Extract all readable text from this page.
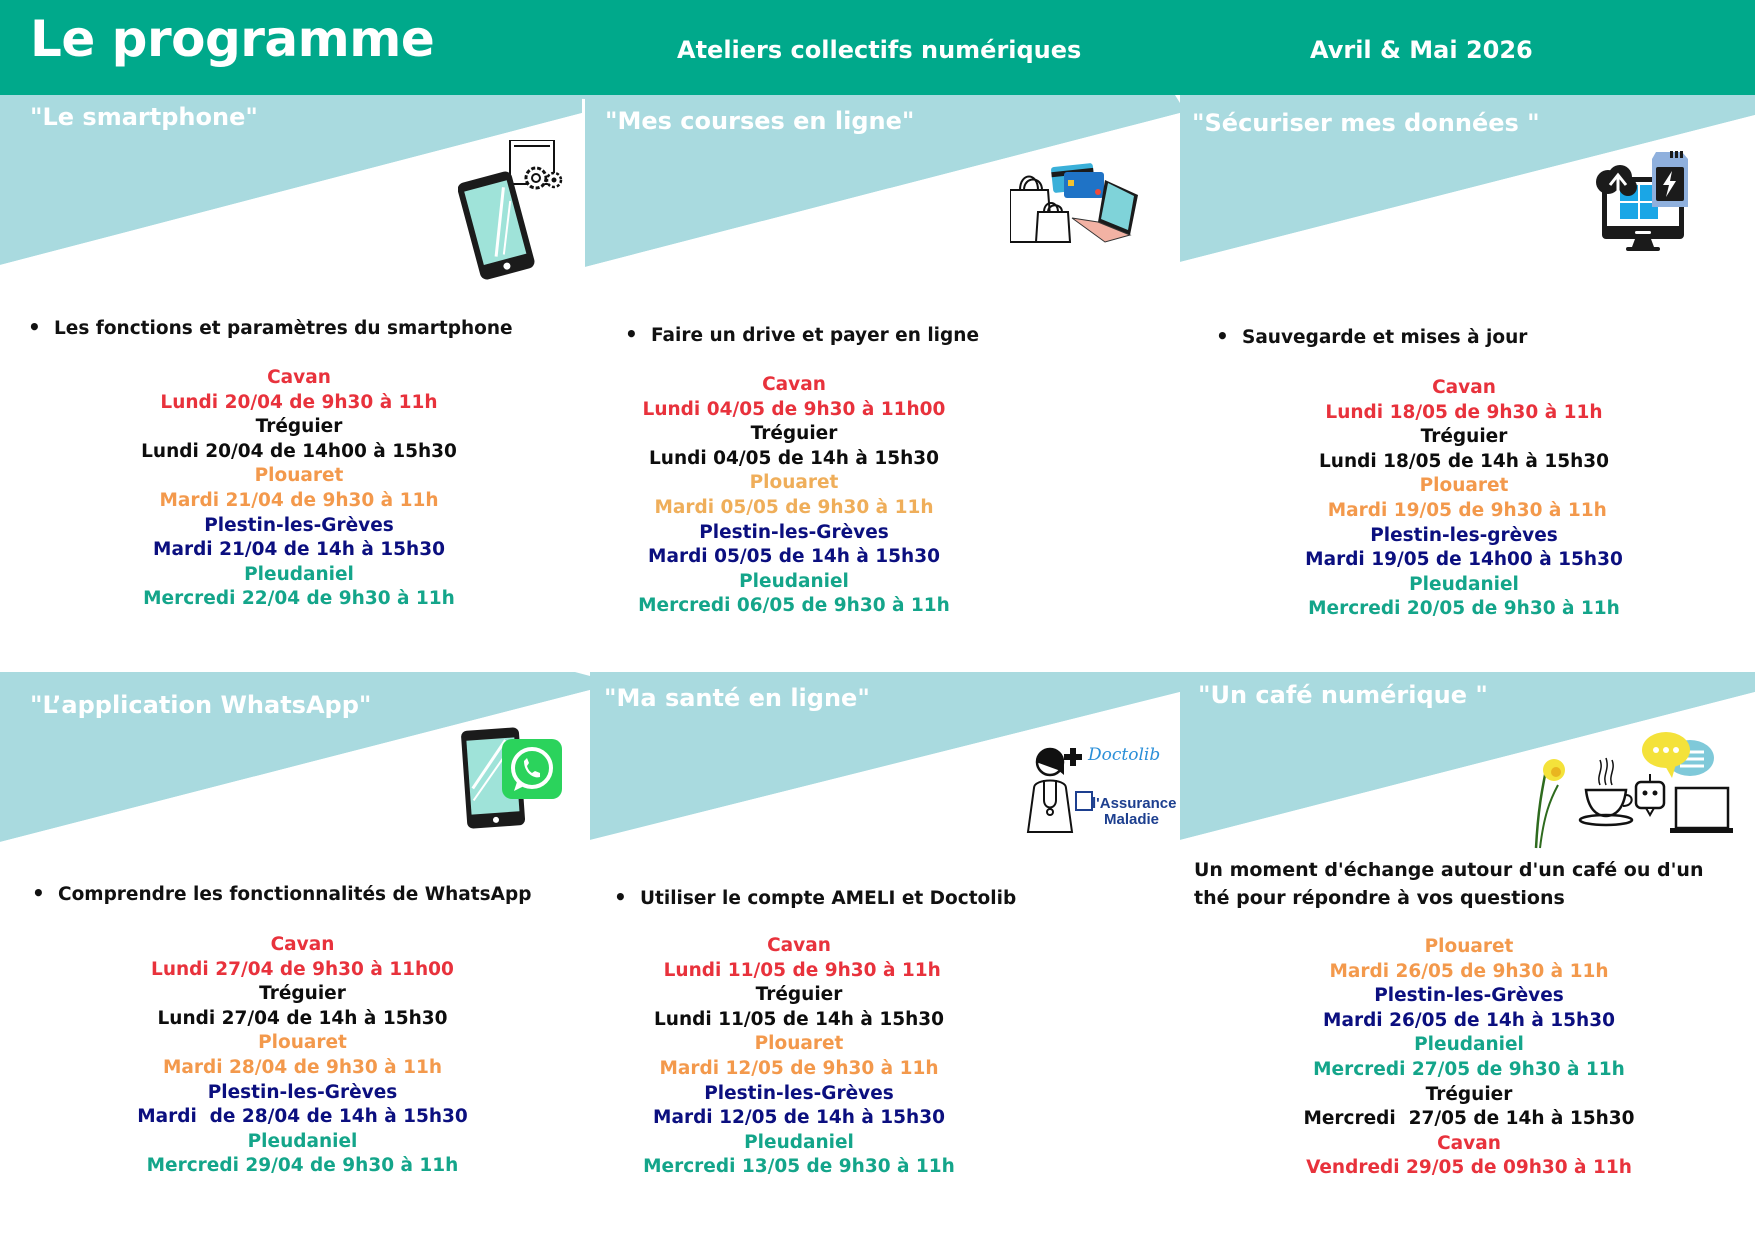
Le programme	Ateliers collectifs numériques	Avril & Mai 2026
"Le smartphone"
• Les fonctions et paramètres du smartphone
Cavan
Lundi 20/04 de 9h30 à 11h
Tréguier
Lundi 20/04 de 14h00 à 15h30
Plouaret
Mardi 21/04 de 9h30 à 11h
Plestin-les-Grèves
Mardi 21/04 de 14h à 15h30
Pleudaniel
Mercredi 22/04 de 9h30 à 11h
"Mes courses en ligne"
• Faire un drive et payer en ligne
Cavan
Lundi 04/05 de 9h30 à 11h00
Tréguier
Lundi 04/05 de 14h à 15h30
Plouaret
Mardi 05/05 de 9h30 à 11h
Plestin-les-Grèves
Mardi 05/05 de 14h à 15h30
Pleudaniel
Mercredi 06/05 de 9h30 à 11h
"Sécuriser mes données "
• Sauvegarde et mises à jour
Cavan
Lundi 18/05 de 9h30 à 11h
Tréguier
Lundi 18/05 de 14h à 15h30
Plouaret
Mardi 19/05 de 9h30 à 11h
Plestin-les-grèves
Mardi 19/05 de 14h00 à 15h30
Pleudaniel
Mercredi 20/05 de 9h30 à 11h
"L’application WhatsApp"
• Comprendre les fonctionnalités de WhatsApp
Cavan
Lundi 27/04 de 9h30 à 11h00
Tréguier
Lundi 27/04 de 14h à 15h30
Plouaret
Mardi 28/04 de 9h30 à 11h
Plestin-les-Grèves
Mardi  de 28/04 de 14h à 15h30
Pleudaniel
Mercredi 29/04 de 9h30 à 11h
"Ma santé en ligne"
Doctolib
l'Assurance
Maladie
• Utiliser le compte AMELI et Doctolib
Cavan
Lundi 11/05 de 9h30 à 11h
Tréguier
Lundi 11/05 de 14h à 15h30
Plouaret
Mardi 12/05 de 9h30 à 11h
Plestin-les-Grèves
Mardi 12/05 de 14h à 15h30
Pleudaniel
Mercredi 13/05 de 9h30 à 11h
"Un café numérique "
Un moment d'échange autour d'un café ou d'un thé pour répondre à vos questions
Plouaret
Mardi 26/05 de 9h30 à 11h
Plestin-les-Grèves
Mardi 26/05 de 14h à 15h30
Pleudaniel
Mercredi 27/05 de 9h30 à 11h
Tréguier
Mercredi  27/05 de 14h à 15h30
Cavan
Vendredi 29/05 de 09h30 à 11h
